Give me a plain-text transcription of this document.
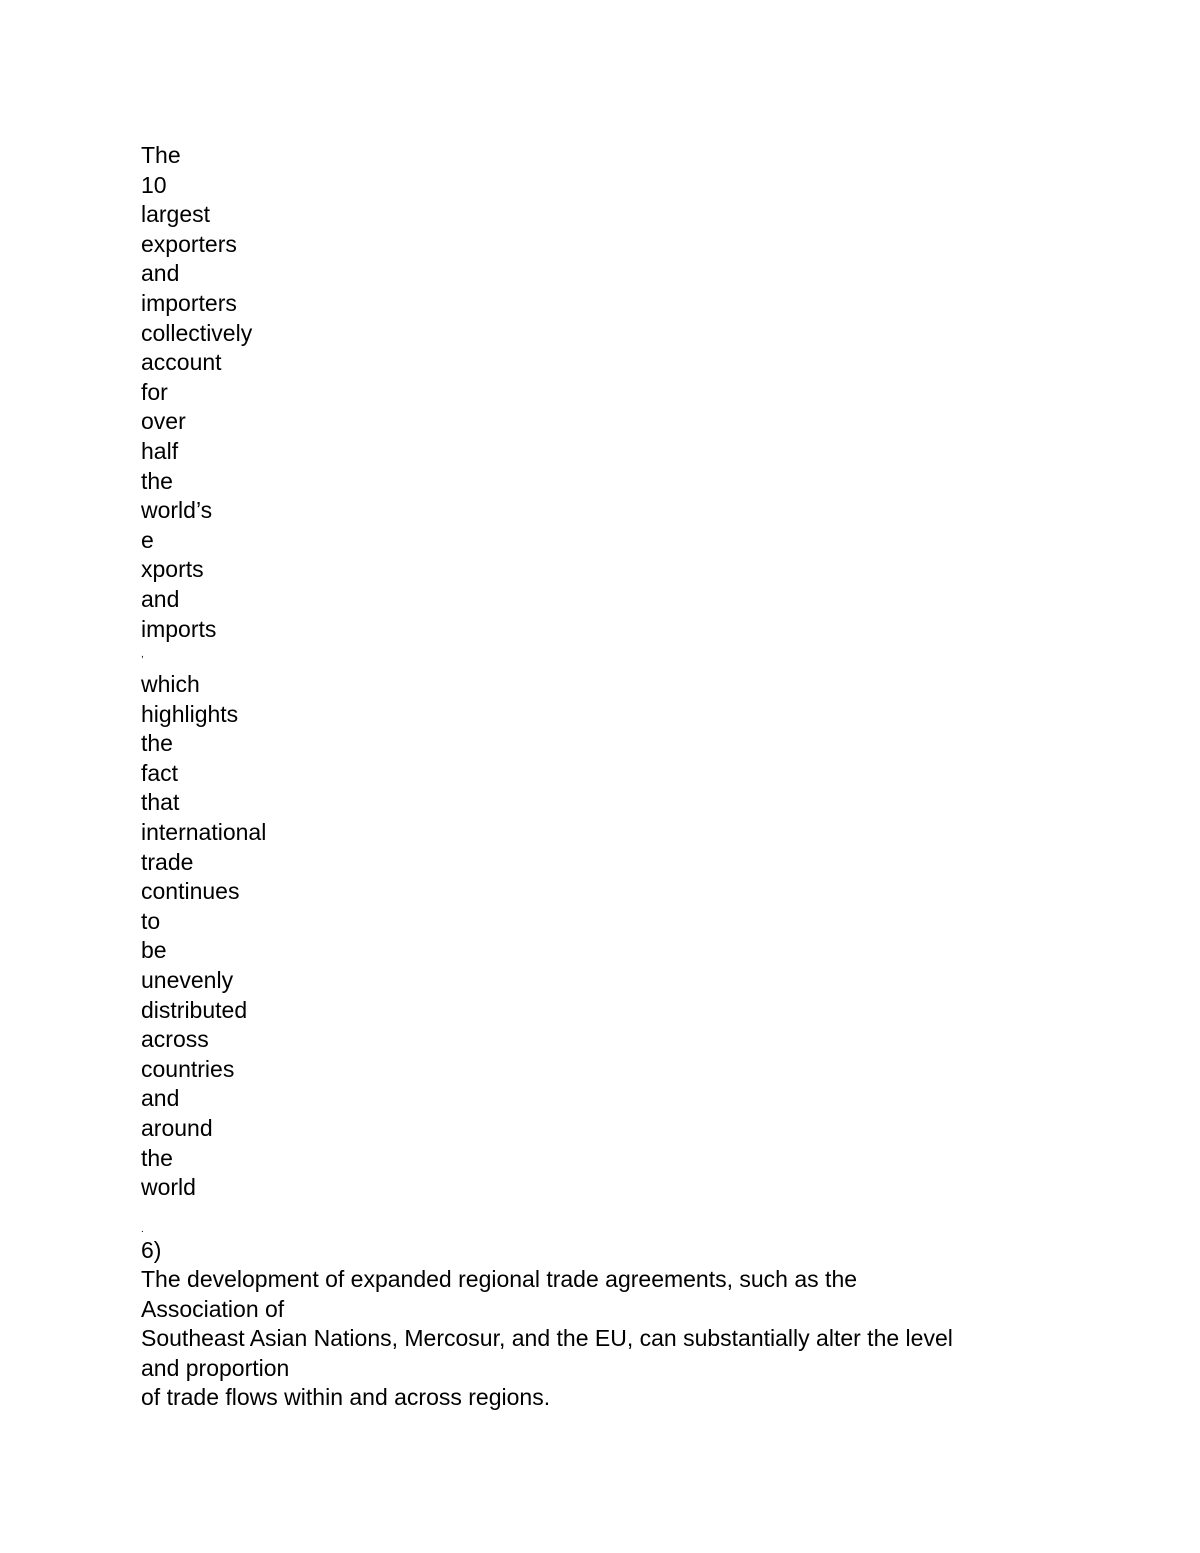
The
10
largest
exporters
and
importers
collectively
account
for
over
half
the
world’s
e
xports
and
imports
,
which
highlights
the
fact
that
international
trade
continues
to
be
unevenly
distributed
across
countries
and
around
the
world
.
6)
The development of expanded regional trade agreements, such as the
Association of
Southeast Asian Nations, Mercosur, and the EU, can substantially alter the level
and proportion
of trade flows within and across regions.
